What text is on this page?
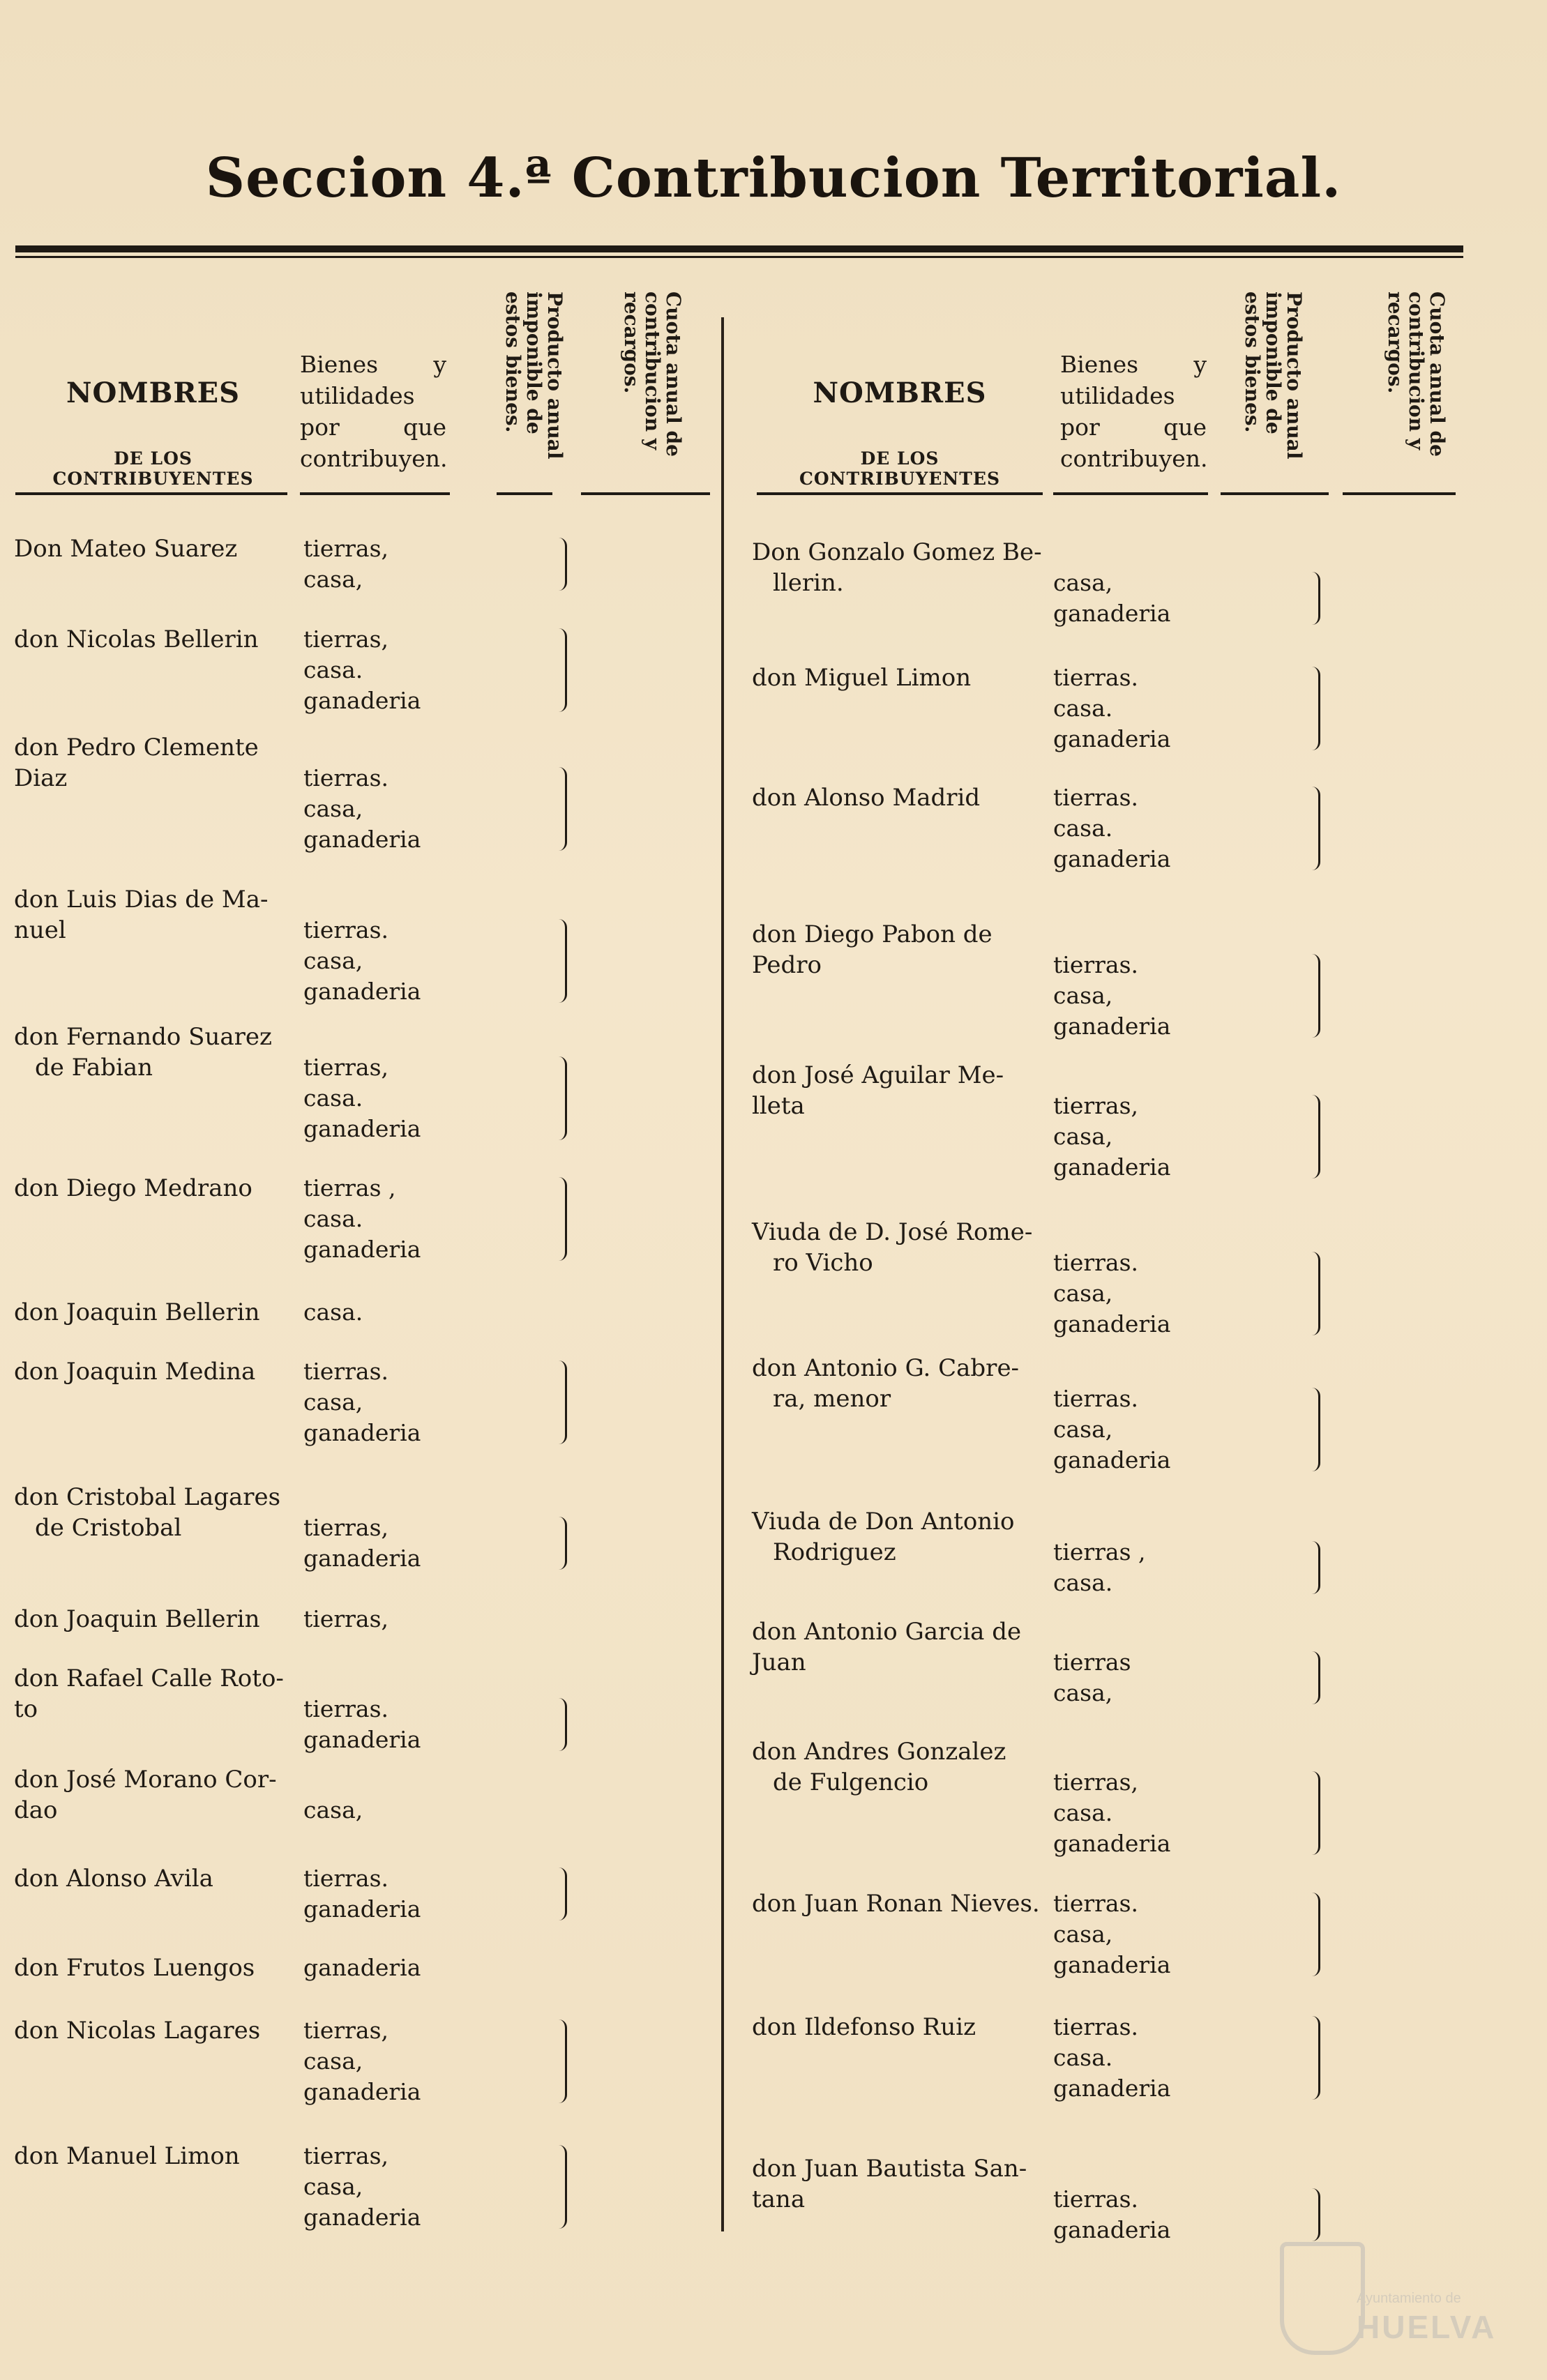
Seccion 4.ª Contribucion Territorial.
NOMBRES
DE LOS CONTRIBUYENTES
Bienes y utilidades por que contribuyen.	Producto anual imponible de estos bienes.	Cuota anual de contribucion y recargos.
Don Mateo Suarez	tierras,
casa,
don Nicolas Bellerin	tierras,
casa.
ganaderia
don Pedro Clemente
Diaz	tierras.
casa,
ganaderia
don Luis Dias de Ma-
nuel	tierras.
casa,
ganaderia
don Fernando Suarez
de Fabian	tierras,
casa.
ganaderia
don Diego Medrano	tierras ,
casa.
ganaderia
don Joaquin Bellerin	casa.
don Joaquin Medina	tierras.
casa,
ganaderia
don Cristobal Lagares
de Cristobal	tierras,
ganaderia
don Joaquin Bellerin	tierras,
don Rafael Calle Roto-
to	tierras.
ganaderia
don José Morano Cor-
dao	casa,
don Alonso Avila	tierras.
ganaderia
don Frutos Luengos	ganaderia
don Nicolas Lagares	tierras,
casa,
ganaderia
don Manuel Limon	tierras,
casa,
ganaderia
NOMBRES
DE LOS CONTRIBUYENTES
Bienes y utilidades por que contribuyen.	Producto anual imponible de estos bienes.	Cuota anual de contribucion y recargos.
Don Gonzalo Gomez Be-
llerin.	casa,
ganaderia
don Miguel Limon	tierras.
casa.
ganaderia
don Alonso Madrid	tierras.
casa.
ganaderia
don Diego Pabon de
Pedro	tierras.
casa,
ganaderia
don José Aguilar Me-
lleta	tierras,
casa,
ganaderia
Viuda de D. José Rome-
ro Vicho	tierras.
casa,
ganaderia
don Antonio G. Cabre-
ra, menor	tierras.
casa,
ganaderia
Viuda de Don Antonio
Rodriguez	tierras ,
casa.
don Antonio Garcia de
Juan	tierras
casa,
don Andres Gonzalez
de Fulgencio	tierras,
casa.
ganaderia
don Juan Ronan Nieves. tierras.
casa,
ganaderia
don Ildefonso Ruiz	tierras.
casa.
ganaderia
don Juan Bautista San-
tana	tierras.
ganaderia
Ayuntamiento de
HUELVA
